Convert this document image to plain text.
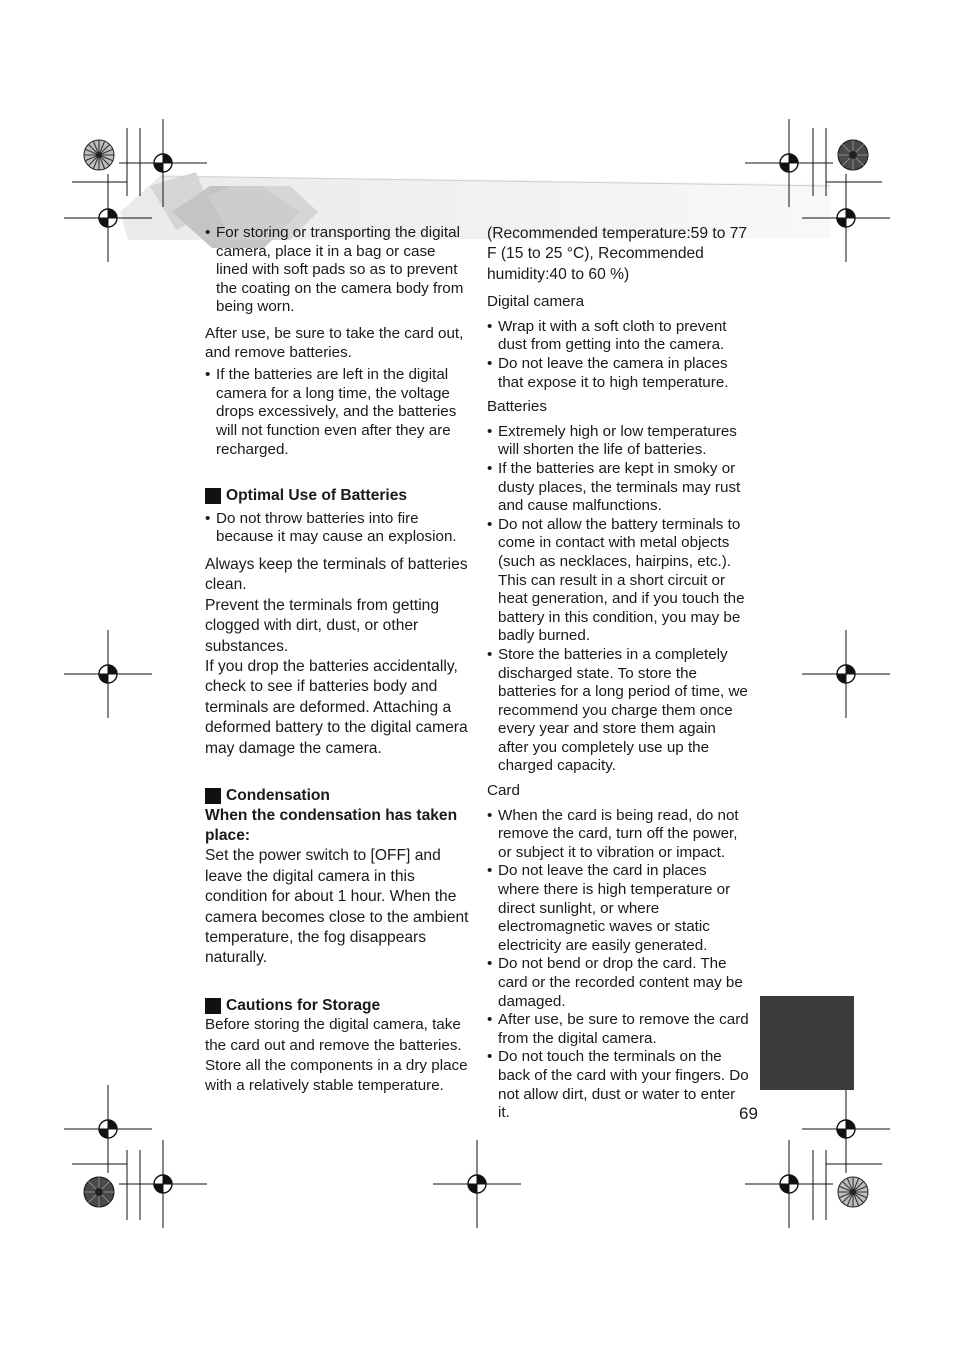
69
• For storing or transporting the digital camera, place it in a bag or case lined with soft pads so as to prevent the coating on the camera body from being worn.

After use, be sure to take the card out, and remove batteries.

• If the batteries are left in the digital camera for a long time, the voltage drops excessively, and the batteries will not function even after they are recharged.
Optimal Use of Batteries
• Do not throw batteries into fire because it may cause an explosion.

Always keep the terminals of batteries clean.

Prevent the terminals from getting clogged with dirt, dust, or other substances.

If you drop the batteries accidentally, check to see if batteries body and terminals are deformed. Attaching a deformed battery to the digital camera may damage the camera.

Condensation

When the condensation has taken place:

Set the power switch to [OFF] and leave the digital camera in this condition for about 1 hour. When the camera becomes close to the ambient temperature, the fog disappears naturally.

Cautions for Storage

Before storing the digital camera, take the card out and remove the batteries.

Store all the components in a dry place with a relatively stable temperature.

(Recommended temperature:59 to 77 F (15 to 25 °C), Recommended humidity:40 to 60 %)

Digital camera

• Wrap it with a soft cloth to prevent dust from getting into the camera.
• Do not leave the camera in places that expose it to high temperature.

Batteries

• Extremely high or low temperatures will shorten the life of batteries.
• If the batteries are kept in smoky or dusty places, the terminals may rust and cause malfunctions.
• Do not allow the battery terminals to come in contact with metal objects (such as necklaces, hairpins, etc.). This can result in a short circuit or heat generation, and if you touch the battery in this condition, you may be badly burned.
• Store the batteries in a completely discharged state. To store the batteries for a long period of time, we recommend you charge them once every year and store them again after you completely use up the charged capacity.

Card

• When the card is being read, do not remove the card, turn off the power, or subject it to vibration or impact.
• Do not leave the card in places where there is high temperature or direct sunlight, or where electromagnetic waves or static electricity are easily generated.
• Do not bend or drop the card. The card or the recorded content may be damaged.
• After use, be sure to remove the card from the digital camera.
• Do not touch the terminals on the back of the card with your fingers. Do not allow dirt, dust or water to enter it.
